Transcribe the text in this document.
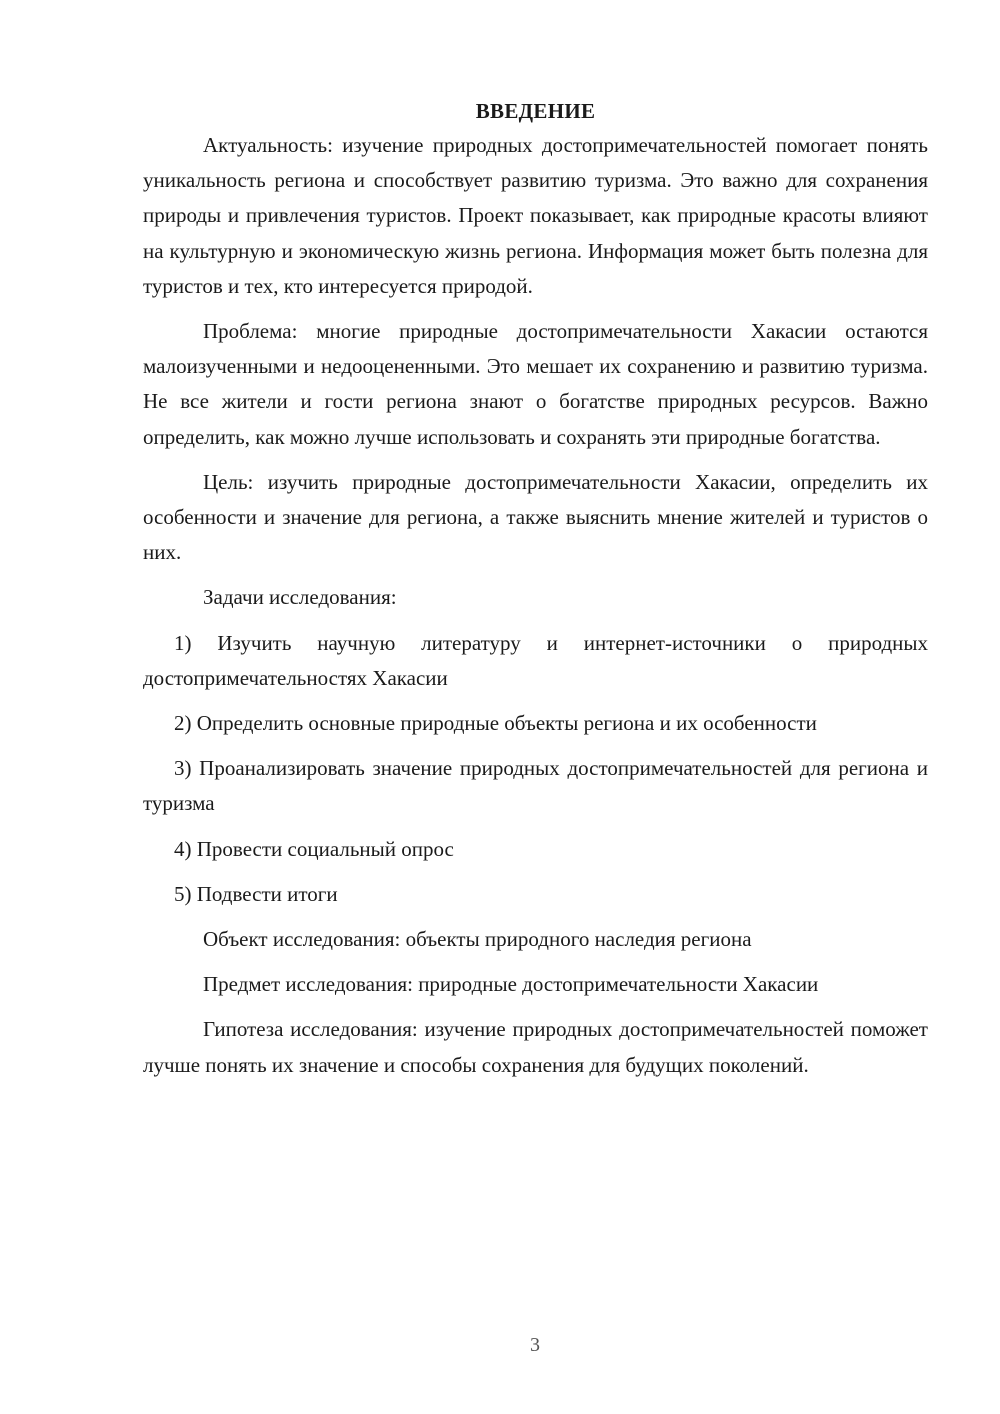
ВВЕДЕНИЕ

Актуальность: изучение природных достопримечательностей помогает понять уникальность региона и способствует развитию туризма. Это важно для сохранения природы и привлечения туристов. Проект показывает, как природные красоты влияют на культурную и экономическую жизнь региона. Информация может быть полезна для туристов и тех, кто интересуется природой.

Проблема: многие природные достопримечательности Хакасии остаются малоизученными и недооцененными. Это мешает их сохранению и развитию туризма. Не все жители и гости региона знают о богатстве природных ресурсов. Важно определить, как можно лучше использовать и сохранять эти природные богатства.

Цель: изучить природные достопримечательности Хакасии, определить их особенности и значение для региона, а также выяснить мнение жителей и туристов о них.

Задачи исследования:

1) Изучить научную литературу и интернет-источники о природных достопримечательностях Хакасии

2) Определить основные природные объекты региона и их особенности

3) Проанализировать значение природных достопримечательностей для региона и туризма

4) Провести социальный опрос

5) Подвести итоги

Объект исследования: объекты природного наследия региона

Предмет исследования: природные достопримечательности Хакасии

Гипотеза исследования: изучение природных достопримечательностей поможет лучше понять их значение и способы сохранения для будущих поколений.

3
